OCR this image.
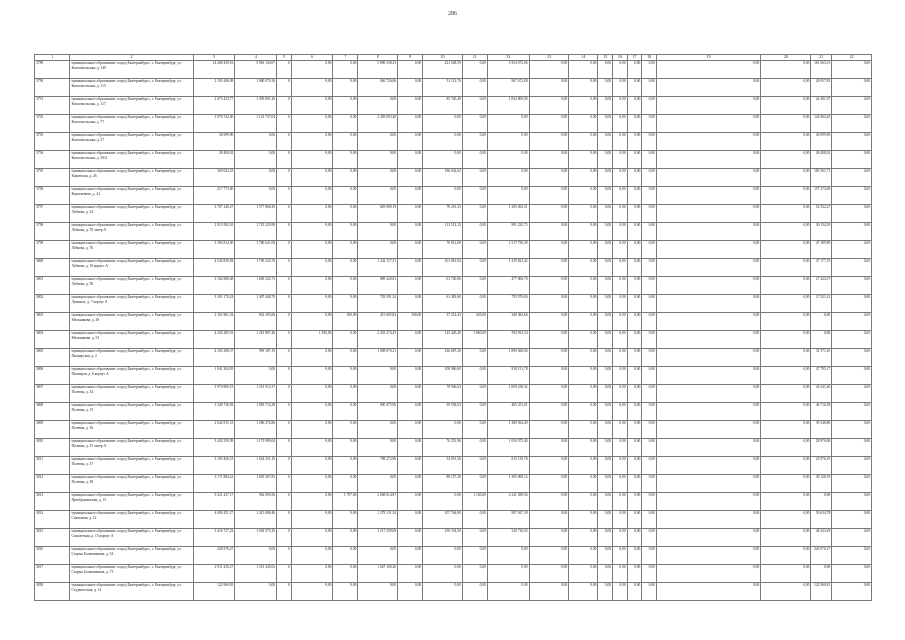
286
1	2	3	4	5	6	7	8	9	10	11	12	13	14	15	16	17	18	19	20	21	22	
3789	муниципальное образование «город Екатеринбург», г. Екатеринбург, ул. Комсомольская, д. 149	14 468 439,16	5 963 130,07	0	0,00	0,00	5 896 538,23	0,00	421 528,59	0,00	5 354 072,06	0,00	0,00	0,00	0,00	0,00	0,00	0,00	0,00	181 663,31	0,00	
3790	муниципальное образование «город Екатеринбург», г. Екатеринбург, ул. Комсомольская, д. 115	2 165 446,98	1 080 070,16	0	0,00	0,00	946 726,06	0,00	51 121,76	0,00	967 672,00	0,00	0,00	0,00	0,00	0,00	0,00	0,00	0,00	20 957,83	0,00	
3791	муниципальное образование «город Екатеринбург», г. Екатеринбург, ул. Комсомольская, д. 117	2 473 433,77	1 395 891,20	0	0,00	0,00	0,00	0,00	85 740,48	0,00	1 004 800,00	0,00	0,00	0,00	0,00	0,00	0,00	0,00	0,00	24 491,97	0,00	
3792	муниципальное образование «город Екатеринбург», г. Екатеринбург, ул. Комсомольская, д. 77	3 970 742,30	1 123 737,04	0	0,00	0,00	2 459 093,40	0,00	0,00	0,00	0,00	0,00	0,00	0,00	0,00	0,00	0,00	0,00	0,00	124 964,20	0,00	
3793	муниципальное образование «город Екатеринбург», г. Екатеринбург, ул. Комсомольская, д. 57	36 999,90	0,00	0	0,00	0,00	0,00	0,00	0,00	0,00	0,00	0,00	0,00	0,00	0,00	0,00	0,00	0,00	0,00	36 999,90	0,00	
3794	муниципальное образование «город Екатеринбург», г. Екатеринбург, ул. Комсомольская, д. 59/4	28 408,02	0,00	0	0,00	0,00	0,00	0,00	0,00	0,00	0,00	0,00	0,00	0,00	0,00	0,00	0,00	0,00	0,00	28 408,02	0,00	
3795	муниципальное образование «город Екатеринбург», г. Екатеринбург, ул. Кировская, д. 26	369 632,25	0,00	0	0,00	0,00	0,00	0,00	186 632,62	0,00	0,00	0,00	0,00	0,00	0,00	0,00	0,00	0,00	0,00	182 561,71	0,00	
3796	муниципальное образование «город Екатеринбург», г. Екатеринбург, ул. Короткевича, д. 24	217 773,60	0,00	0	0,00	0,00	0,00	0,00	0,00	0,00	0,00	0,00	0,00	0,00	0,00	0,00	0,00	0,00	0,00	157 273,60	0,00	
3797	муниципальное образование «город Екатеринбург», г. Екатеринбург, ул. Лобкова, д. 34	3 707 140,27	1 577 868,29	0	0,00	0,00	629 089,19	0,00	78 291,23	0,00	1 205 263,51	0,00	0,00	0,00	0,00	0,00	0,00	0,00	0,00	52 532,27	0,00	
3798	муниципальное образование «город Екатеринбург», г. Екатеринбург, ул. Лобкова, д. 78 литер А	2 913 582,01	1 723 220,98	0	0,00	0,00	0,00	0,00	112 512,12	0,00	991 225,75	0,00	0,00	0,00	0,00	0,00	0,00	0,00	0,00	30 134,50	0,00	
3799	муниципальное образование «город Екатеринбург», г. Екатеринбург, ул. Лобкова, д. 76	3 392 812,30	1 780 621,00	0	0,00	0,00	0,00	0,00	76 012,00	0,00	1 517 730,39	0,00	0,00	0,00	0,00	0,00	0,00	0,00	0,00	47 189,90	0,00	
3800	муниципальное образование «город Екатеринбург», г. Екатеринбург, ул. Лобкова, д. 16 корпус А	4 543 830,84	1 796 223,76	0	0,00	0,00	1 242 117,31	0,00	101 061,84	0,00	1 259 823,42	0,00	0,00	0,00	0,00	0,00	0,00	0,00	0,00	47 177,19	0,00	
3801	муниципальное образование «город Екатеринбург», г. Екатеринбург, ул. Лобкова, д. 58	3 182 808,48	1 669 232,73	0	0,00	0,00	889 420,81	0,00	61 740,86	0,00	477 006,70	0,00	0,00	0,00	0,00	0,00	0,00	0,00	0,00	27 424,37	0,00	
3802	муниципальное образование «город Екатеринбург», г. Екатеринбург, ул. Лукиных, д. 7 корпус А	3 391 170,24	1 497 448,70	0	0,00	0,00	729 391,34	0,00	61 481,60	0,00	755 976,84	0,00	0,00	0,00	0,00	0,00	0,00	0,00	0,00	27 521,41	0,00	
3803	муниципальное образование «город Екатеринбург», г. Екатеринбург, ул. Мельникова, д. 38	2 161 861,32	842 295,66	0	0,00	300,00	415 685,82	308,00	37 214,43	345,00	340 382,66	0,00	0,00	0,00	0,00	0,00	0,00	0,00	0,00	0,00	0,00	
3804	муниципальное образование «город Екатеринбург», г. Екатеринбург, ул. Мельникова, д. 52	4 445 285,01	1 281 887,46	0	1 290,00	0,00	2 433 274,45	0,00	125 429,40	1 860,00	594 952,54	0,00	0,00	0,00	0,00	0,00	0,00	0,00	0,00	0,00	0,00	
3805	муниципальное образование «город Екатеринбург», г. Екатеринбург, ул. Пионерская, д. 2	4 165 298,37	999 187,19	0	0,00	0,00	1 008 670,21	0,00	236 687,20	0,00	1 899 560,94	0,00	0,00	0,00	0,00	0,00	0,00	0,00	0,00	31 571,45	0,00	
3806	муниципальное образование «город Екатеринбург», г. Екатеринбург, ул. Пионеров, д. 6 корпус А	1 941 304,95	0,00	0	0,00	0,00	0,00	0,00	108 960,60	0,00	818 151,78	0,00	0,00	0,00	0,00	0,00	0,00	0,00	0,00	47 795,17	0,00	
3807	муниципальное образование «город Екатеринбург», г. Екатеринбург, ул. Полевая, д. 34	3 970 800,19	1 351 912,37	0	0,00	0,00	0,00	0,00	78 946,03	0,00	1 009 238,32	0,00	0,00	0,00	0,00	0,00	0,00	0,00	0,00	26 341,46	0,00	
3808	муниципальное образование «город Екатеринбург», г. Екатеринбург, ул. Полевая, д. 15	3 349 736,92	1 083 714,38	0	0,00	0,00	800 475,96	0,00	59 592,63	0,00	465 251,01	0,00	0,00	0,00	0,00	0,00	0,00	0,00	0,00	46 716,58	0,00	
3809	муниципальное образование «город Екатеринбург», г. Екатеринбург, ул. Полевая, д. 36	2 642 815,31	1 286 272,86	0	0,00	0,00	0,00	0,00	0,00	0,00	1 289 564,49	0,00	0,00	0,00	0,00	0,00	0,00	0,00	0,00	39 346,80	0,00	
3810	муниципальное образование «город Екатеринбург», г. Екатеринбург, ул. Полевая, д. 15 литер А	3 445 550,99	1 173 999,04	0	0,00	0,00	0,00	0,00	76 251,96	0,00	1 050 975,40	0,00	0,00	0,00	0,00	0,00	0,00	0,00	0,00	28 970,00	0,00	
3811	муниципальное образование «город Екатеринбург», г. Екатеринбург, ул. Полевая, д. 37	3 105 456,51	1 024 351,10	0	0,00	0,00	798 272,96	0,00	54 051,56	0,00	812 135,76	0,00	0,00	0,00	0,00	0,00	0,00	0,00	0,00	23 976,35	0,00	
3812	муниципальное образование «город Екатеринбург», г. Екатеринбург, ул. Полевая, д. 38	3 171 884,21	1 045 367,83	0	0,00	0,00	0,00	0,00	88 157,20	0,00	1 305 960,14	0,00	0,00	0,00	0,00	0,00	0,00	0,00	0,00	39 128,39	0,00	
3813	муниципальное образование «город Екатеринбург», г. Екатеринбург, ул. Преображенская, д. 13	9 221 437,17	962 090,56	0	0,00	1 797,00	2 068 614,87	0,00	0,00	1 140,00	4 141 390,94	0,00	0,00	0,00	0,00	0,00	0,00	0,00	0,00	0,00	0,00	
3814	муниципальное образование «город Екатеринбург», г. Екатеринбург, ул. Совхозная, д. 12	4 084 451,27	1 415 688,46	0	0,00	0,00	1 278 131,54	0,00	107 764,80	0,00	997 847,39	0,00	0,00	0,00	0,00	0,00	0,00	0,00	0,00	50 654,78	0,00	
3815	муниципальное образование «город Екатеринбург», г. Екатеринбург, ул. Самолетная, д. 15 корпус А	3 416 727,22	1 002 375,10	0	0,00	0,00	1 217 259,08	0,00	250 334,50	0,00	520 716,92	0,00	0,00	0,00	0,00	0,00	0,00	0,00	0,00	48 433,29	0,00	
3816	муниципальное образование «город Екатеринбург», г. Екатеринбург, ул. Старых Большевиков, д. 34	226 976,27	0,00	0	0,00	0,00	0,00	0,00	0,00	0,00	0,00	0,00	0,00	0,00	0,00	0,00	0,00	0,00	0,00	226 976,27	0,00	
3817	муниципальное образование «город Екатеринбург», г. Екатеринбург, ул. Старых Большевиков, д. 73	2 911 250,27	1 351 445,02	0	0,00	0,00	1 047 100,20	0,00	0,00	0,00	0,00	0,00	0,00	0,00	0,00	0,00	0,00	0,00	0,00	0,00	0,00	
3818	муниципальное образование «город Екатеринбург», г. Екатеринбург, ул. Студенческая, д. 12	122 960,81	0,00	0	0,00	0,00	0,00	0,00	0,00	0,00	0,00	0,00	0,00	0,00	0,00	0,00	0,00	0,00	0,00	122 960,81	0,00	
